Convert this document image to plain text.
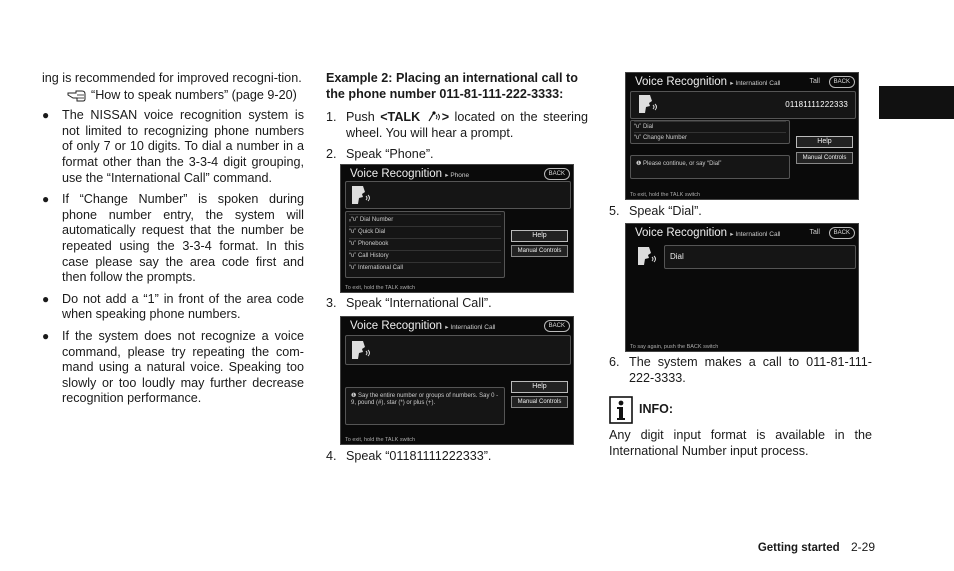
ing is recommended for improved recogni-tion.

“How to speak numbers” (page 9-20)
● The NISSAN voice recognition system is not limited to recognizing phone numbers of only 7 or 10 digits. To dial a number in a format other than the 3-3-4 digit grouping, use the “International Call” command.
● If “Change Number” is spoken during phone number entry, the system will automatically request that the number be repeated using the 3-3-4 format. In this case please say the area code first and then follow the prompts.
● Do not add a “1” in front of the area code when speaking phone numbers.
● If the system does not recognize a voice command, please try repeating the com-mand using a natural voice. Speaking too slowly or too loudly may further decrease recognition performance.

Example 2: Placing an international call to the phone number 011-81-111-222-3333:

1. Push <TALK > located on the steering wheel. You will hear a prompt.
2. Speak “Phone”.
Voice Recognition ▸ Phone	BACK
ᵥ“ʋ” Dial Number
“ʋ” Quick Dial
“ʋ” Phonebook
“ʋ” Call History
“ʋ” International Call
Help
Manual Controls
To exit, hold the TALK switch
3. Speak “International Call”.
Voice Recognition ▸ Internationl Call	BACK
❶ Say the entire number or groups of numbers. Say 0 - 9, pound (#), star (*) or plus (+).
Help
Manual Controls
To exit, hold the TALK switch
4. Speak “01181111222333”.
Voice Recognition ▸ Internationl Call	Tall	BACK
01181111222333
“ʋ” Dial
“ʋ” Change Number	Help
Manual Controls
❶ Please continue, or say “Dial”
To exit, hold the TALK switch
5. Speak “Dial”.
Voice Recognition ▸ Internationl Call	Tall	BACK
Dial
To say again, push the BACK switch
6. The system makes a call to 011-81-111-222-3333.
INFO:

Any digit input format is available in the International Number input process.

Getting started 2-29
